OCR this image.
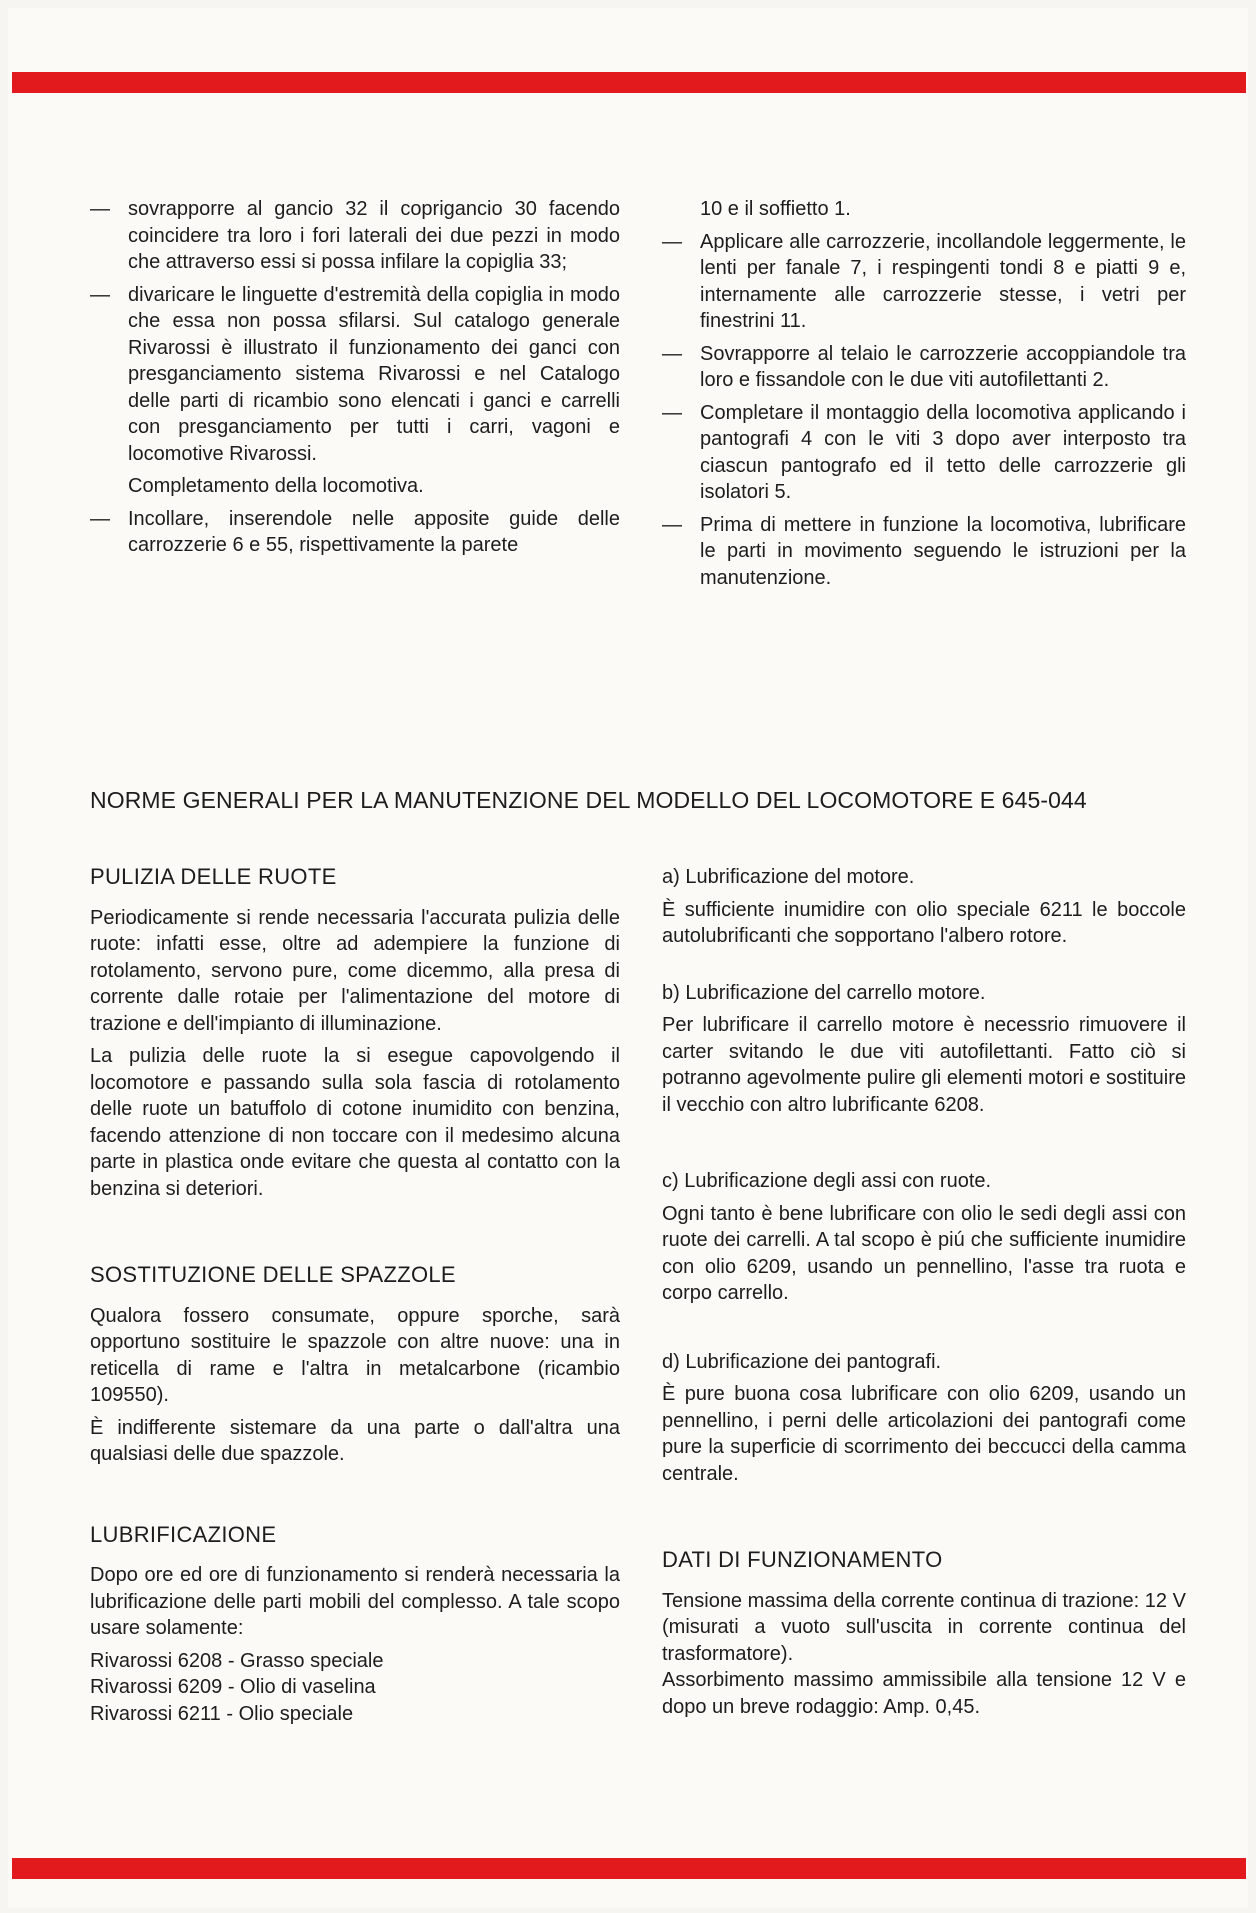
— sovrapporre al gancio 32 il coprigancio 30 facendo coincidere tra loro i fori laterali dei due pezzi in modo che attraverso essi si possa infilare la copiglia 33;
— divaricare le linguette d'estremità della copiglia in modo che essa non possa sfilarsi. Sul catalogo generale Rivarossi è illustrato il funzionamento dei ganci con presganciamento sistema Rivarossi e nel Catalogo delle parti di ricambio sono elencati i ganci e carrelli con presganciamento per tutti i carri, vagoni e locomotive Rivarossi.

Completamento della locomotiva.

— Incollare, inserendole nelle apposite guide delle carrozzerie 6 e 55, rispettivamente la parete

10 e il soffietto 1.

— Applicare alle carrozzerie, incollandole leggermente, le lenti per fanale 7, i respingenti tondi 8 e piatti 9 e, internamente alle carrozzerie stesse, i vetri per finestrini 11.
— Sovrapporre al telaio le carrozzerie accoppiandole tra loro e fissandole con le due viti autofilettanti 2.
— Completare il montaggio della locomotiva applicando i pantografi 4 con le viti 3 dopo aver interposto tra ciascun pantografo ed il tetto delle carrozzerie gli isolatori 5.
— Prima di mettere in funzione la locomotiva, lubrificare le parti in movimento seguendo le istruzioni per la manutenzione.
NORME GENERALI PER LA MANUTENZIONE DEL MODELLO DEL LOCOMOTORE E 645-044
PULIZIA DELLE RUOTE

Periodicamente si rende necessaria l'accurata pulizia delle ruote: infatti esse, oltre ad adempiere la funzione di rotolamento, servono pure, come dicemmo, alla presa di corrente dalle rotaie per l'alimentazione del motore di trazione e dell'impianto di illuminazione.

La pulizia delle ruote la si esegue capovolgendo il locomotore e passando sulla sola fascia di rotolamento delle ruote un batuffolo di cotone inumidito con benzina, facendo attenzione di non toccare con il medesimo alcuna parte in plastica onde evitare che questa al contatto con la benzina si deteriori.

SOSTITUZIONE DELLE SPAZZOLE

Qualora fossero consumate, oppure sporche, sarà opportuno sostituire le spazzole con altre nuove: una in reticella di rame e l'altra in metalcarbone (ricambio 109550).

È indifferente sistemare da una parte o dall'altra una qualsiasi delle due spazzole.

LUBRIFICAZIONE

Dopo ore ed ore di funzionamento si renderà necessaria la lubrificazione delle parti mobili del complesso. A tale scopo usare solamente:

Rivarossi 6208 - Grasso speciale
Rivarossi 6209 - Olio di vaselina
Rivarossi 6211 - Olio speciale

a) Lubrificazione del motore.

È sufficiente inumidire con olio speciale 6211 le boccole autolubrificanti che sopportano l'albero rotore.

b) Lubrificazione del carrello motore.

Per lubrificare il carrello motore è necessrio rimuovere il carter svitando le due viti autofilettanti. Fatto ciò si potranno agevolmente pulire gli elementi motori e sostituire il vecchio con altro lubrificante 6208.

c) Lubrificazione degli assi con ruote.

Ogni tanto è bene lubrificare con olio le sedi degli assi con ruote dei carrelli. A tal scopo è piú che sufficiente inumidire con olio 6209, usando un pennellino, l'asse tra ruota e corpo carrello.

d) Lubrificazione dei pantografi.

È pure buona cosa lubrificare con olio 6209, usando un pennellino, i perni delle articolazioni dei pantografi come pure la superficie di scorrimento dei beccucci della camma centrale.

DATI DI FUNZIONAMENTO

Tensione massima della corrente continua di trazione: 12 V (misurati a vuoto sull'uscita in corrente continua del trasformatore).

Assorbimento massimo ammissibile alla tensione 12 V e dopo un breve rodaggio: Amp. 0,45.
